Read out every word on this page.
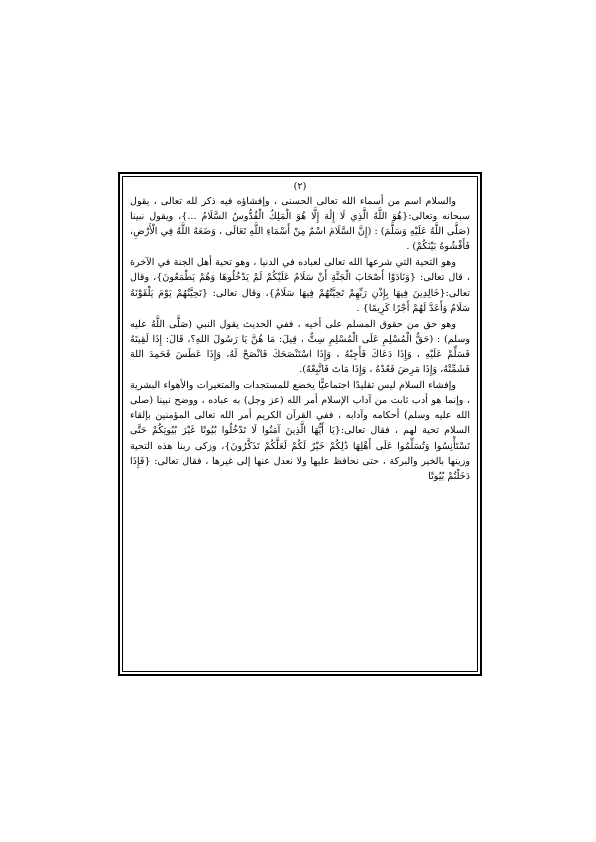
(٢)

والسلام اسم من أسماء الله تعالى الحسنى ، وإفشاؤه فيه ذكر لله تعالى ، يقول سبحانه وتعالى:{هُوَ اللَّهُ الَّذِي لَا إِلَٰهَ إِلَّا هُوَ الْمَلِكُ الْقُدُّوسُ السَّلَامُ ...}، ويقول نبينا (صَلَّى اللَّهُ عَلَيْهِ وَسَلَّمَ) : (إِنَّ السَّلَامَ اسْمٌ مِنْ أَسْمَاءِ اللَّهِ تَعَالَى ، وَضَعَهُ اللَّهُ فِي الْأَرْضِ، فَأَفْشُوهُ بَيْنَكُمْ) .

وهو التحية التي شرعها الله تعالى لعباده في الدنيا ، وهو تحية أهل الجنة في الآخرة ، قال تعالى: {وَنَادَوْا أَصْحَابَ الْجَنَّةِ أَنْ سَلَامٌ عَلَيْكُمْ لَمْ يَدْخُلُوهَا وَهُمْ يَطْمَعُونَ}، وقال تعالى:{خَالِدِينَ فِيهَا بِإِذْنِ رَبِّهِمْ تَحِيَّتُهُمْ فِيهَا سَلَامٌ}، وقال تعالى: {تَحِيَّتُهُمْ يَوْمَ يَلْقَوْنَهُ سَلَامٌ وَأَعَدَّ لَهُمْ أَجْرًا كَرِيمًا} .

وهو حق من حقوق المسلم على أخيه ، ففي الحديث يقول النبي (صَلَّى اللَّهُ عليه وسلم) : (حَقُّ الْمُسْلِمِ عَلَى الْمُسْلِمِ سِتٌّ ، قِيلَ: مَا هُنَّ يَا رَسُولَ اللهِ؟، قَالَ: إِذَا لَقِيتَهُ فَسَلِّمْ عَلَيْهِ ، وَإِذَا دَعَاكَ فَأَجِبْهُ ، وَإِذَا اسْتَنْصَحَكَ فَانْصَحْ لَهُ، وَإِذَا عَطَسَ فَحَمِدَ اللهَ فَشَمِّتْهُ، وَإِذَا مَرِضَ فَعُدْهُ ، وَإِذَا مَاتَ فَاتَّبِعْهُ).

وإفشاء السلام ليس تقليدًا اجتماعيًّا يخضع للمستجدات والمتغيرات والأهواء البشرية ، وإنما هو أدب ثابت من آداب الإسلام أمر الله (عز وجل) به عباده ، ووضح نبينا (صلى الله عليه وسلم) أحكامه وآدابه ، ففي القرآن الكريم أمر الله تعالى المؤمنين بإلقاء السلام تحية لهم ، فقال تعالى:{يَا أَيُّهَا الَّذِينَ آمَنُوا لَا تَدْخُلُوا بُيُوتًا غَيْرَ بُيُوتِكُمْ حَتَّى تَسْتَأْنِسُوا وَتُسَلِّمُوا عَلَى أَهْلِهَا ذَٰلِكُمْ خَيْرٌ لَكُمْ لَعَلَّكُمْ تَذَكَّرُونَ}، وزكى ربنا هذه التحية وزينها بالخير والبركة ، حتى نحافظ عليها ولا نعدل عنها إلى غيرها ، فقال تعالى: {فَإِذَا دَخَلْتُمْ بُيُوتًا
